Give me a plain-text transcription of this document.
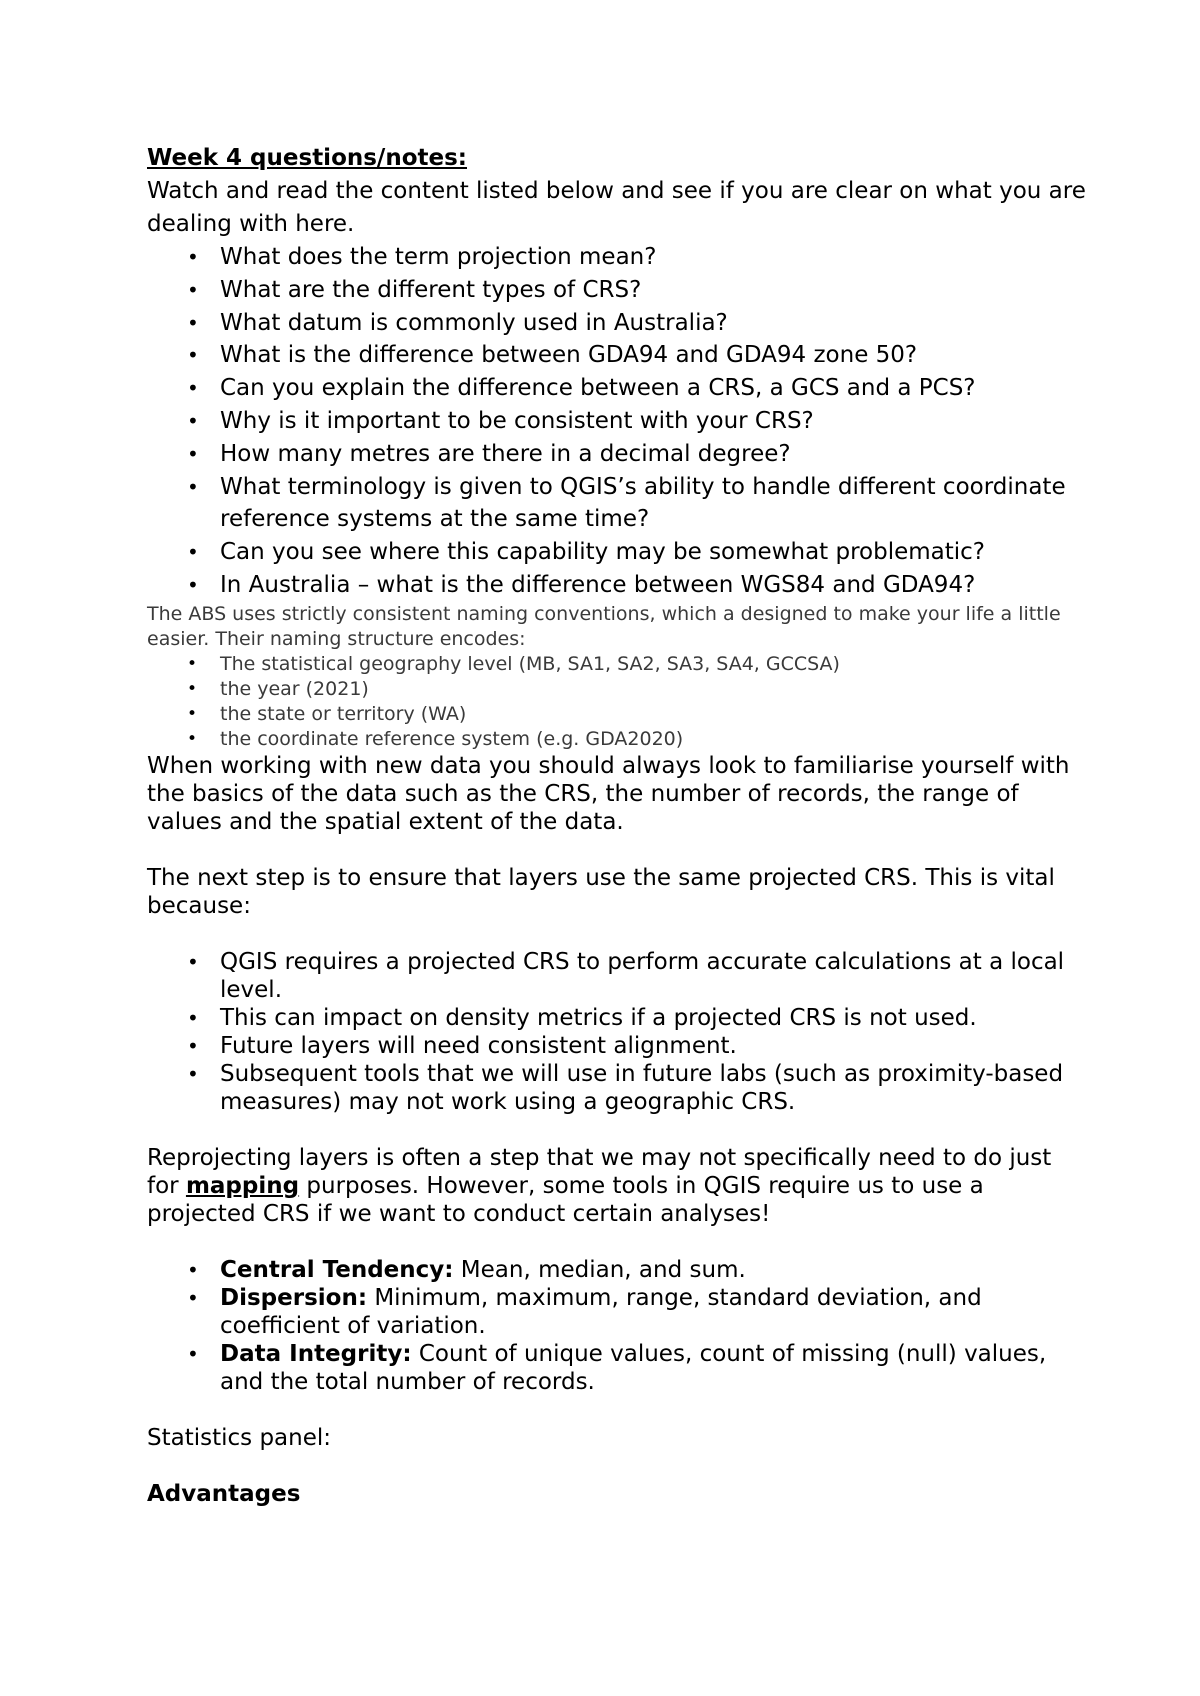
Week 4 questions/notes:

Watch and read the content listed below and see if you are clear on what you are dealing with here.

• What does the term projection mean?
• What are the different types of CRS?
• What datum is commonly used in Australia?
• What is the difference between GDA94 and GDA94 zone 50?
• Can you explain the difference between a CRS, a GCS and a PCS?
• Why is it important to be consistent with your CRS?
• How many metres are there in a decimal degree?
• What terminology is given to QGIS’s ability to handle different coordinate reference systems at the same time?
• Can you see where this capability may be somewhat problematic?
• In Australia – what is the difference between WGS84 and GDA94?

The ABS uses strictly consistent naming conventions, which a designed to make your life a little easier. Their naming structure encodes:

• The statistical geography level (MB, SA1, SA2, SA3, SA4, GCCSA)
• the year (2021)
• the state or territory (WA)
• the coordinate reference system (e.g. GDA2020)

When working with new data you should always look to familiarise yourself with the basics of the data such as the CRS, the number of records, the range of values and the spatial extent of the data.

The next step is to ensure that layers use the same projected CRS. This is vital because:

• QGIS requires a projected CRS to perform accurate calculations at a local level.
• This can impact on density metrics if a projected CRS is not used.
• Future layers will need consistent alignment.
• Subsequent tools that we will use in future labs (such as proximity-based measures) may not work using a geographic CRS.

Reprojecting layers is often a step that we may not specifically need to do just for mapping purposes. However, some tools in QGIS require us to use a projected CRS if we want to conduct certain analyses!

• Central Tendency: Mean, median, and sum.
• Dispersion: Minimum, maximum, range, standard deviation, and coefficient of variation.
• Data Integrity: Count of unique values, count of missing (null) values, and the total number of records.

Statistics panel:

Advantages
